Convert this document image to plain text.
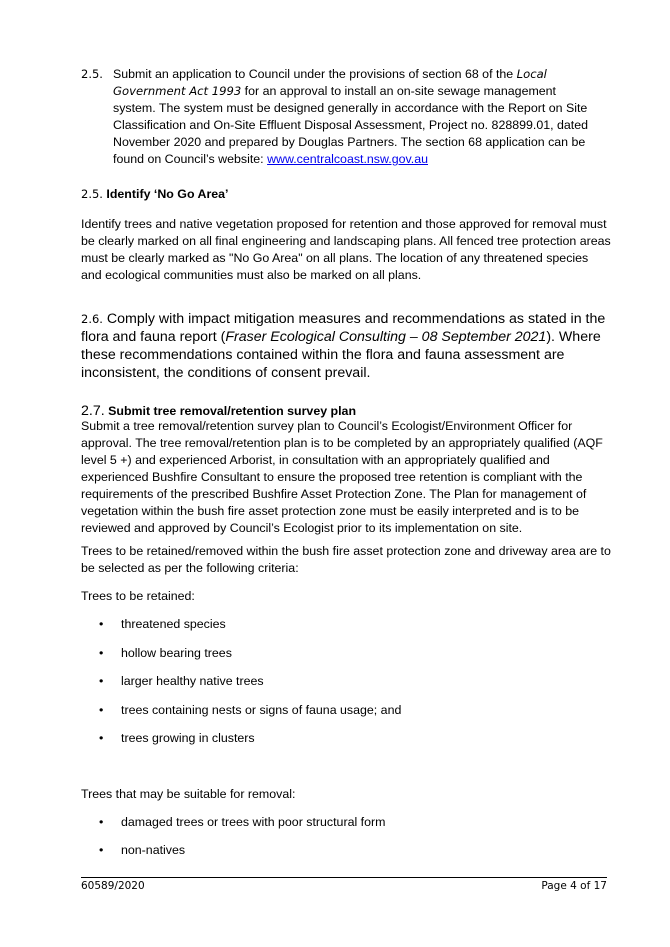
2.5. Submit an application to Council under the provisions of section 68 of the Local Government Act 1993 for an approval to install an on-site sewage management system. The system must be designed generally in accordance with the Report on Site Classification and On-Site Effluent Disposal Assessment, Project no. 828899.01, dated November 2020 and prepared by Douglas Partners. The section 68 application can be found on Council’s website: www.centralcoast.nsw.gov.au

2.5. Identify ‘No Go Area’

Identify trees and native vegetation proposed for retention and those approved for removal must be clearly marked on all final engineering and landscaping plans. All fenced tree protection areas must be clearly marked as "No Go Area" on all plans. The location of any threatened species and ecological communities must also be marked on all plans.

2.6. Comply with impact mitigation measures and recommendations as stated in the flora and fauna report (Fraser Ecological Consulting – 08 September 2021). Where these recommendations contained within the flora and fauna assessment are inconsistent, the conditions of consent prevail.

2.7. Submit tree removal/retention survey plan

Submit a tree removal/retention survey plan to Council’s Ecologist/Environment Officer for approval. The tree removal/retention plan is to be completed by an appropriately qualified (AQF level 5 +) and experienced Arborist, in consultation with an appropriately qualified and experienced Bushfire Consultant to ensure the proposed tree retention is compliant with the requirements of the prescribed Bushfire Asset Protection Zone. The Plan for management of vegetation within the bush fire asset protection zone must be easily interpreted and is to be reviewed and approved by Council’s Ecologist prior to its implementation on site.

Trees to be retained/removed within the bush fire asset protection zone and driveway area are to be selected as per the following criteria:

Trees to be retained:

•	threatened species
•	hollow bearing trees
•	larger healthy native trees
•	trees containing nests or signs of fauna usage; and
•	trees growing in clusters

Trees that may be suitable for removal:

•	damaged trees or trees with poor structural form
•	non-natives
60589/2020	Page 4 of 17
